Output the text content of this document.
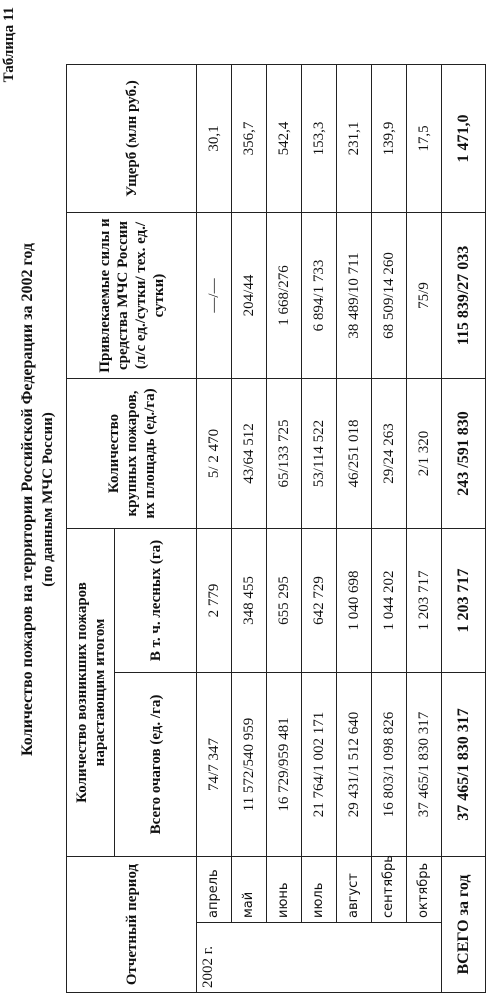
Таблица 11
Количество пожаров на территории Российской Федерации за 2002 год (по данным МЧС России)
Отчетный период		Количество возникших пожаров нарастающим итогом		Количество крупных пожаров, их площадь (ед./га)	Привлекаемые силы и средства МЧС России (л/с ед./сутки/ тех. ед./сутки)	Ущерб (млн руб.)
		Всего очагов (ед. /га)	В т. ч. лесных (га)			
2002 г.	апрель	74/7 347	2 779	5/ 2 470	—/—	30,1
	май	11 572/540 959	348 455	43/64 512	204/44	356,7
	июнь	16 729/959 481	655 295	65/133 725	1 668/276	542,4
	июль	21 764/1 002 171	642 729	53/114 522	6 894/1 733	153,3
	август	29 431/1 512 640	1 040 698	46/251 018	38 489/10 711	231,1
	сентябрь	16 803/1 098 826	1 044 202	29/24 263	68 509/14 260	139,9
	октябрь	37 465/1 830 317	1 203 717	2/1 320	75/9	17,5
ВСЕГО за год		37 465/1 830 317	1 203 717	243 /591 830	115 839/27 033	1 471,0
